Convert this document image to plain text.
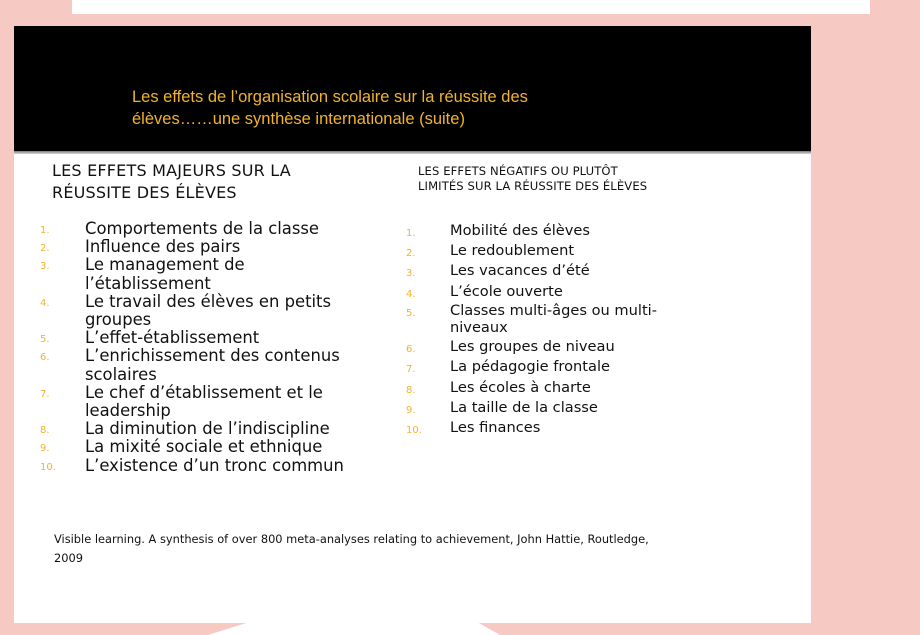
Les effets de l’organisation scolaire sur la réussite des
élèves……une synthèse internationale (suite)
LES EFFETS MAJEURS SUR LA
RÉUSSITE DES ÉLÈVES
LES EFFETS NÉGATIFS OU PLUTÔT
LIMITÉS SUR LA RÉUSSITE DES ÉLÈVES
1. Comportements de la classe
2. Influence des pairs
3. Le management de
l’établissement
4. Le travail des élèves en petits
groupes
5. L’effet-établissement
6. L’enrichissement des contenus
scolaires
7. Le chef d’établissement et le
leadership
8. La diminution de l’indiscipline
9. La mixité sociale et ethnique
10. L’existence d’un tronc commun
1. Mobilité des élèves
2. Le redoublement
3. Les vacances d’été
4. L’école ouverte
5. Classes multi-âges ou multi-
niveaux
6. Les groupes de niveau
7. La pédagogie frontale
8. Les écoles à charte
9. La taille de la classe
10. Les finances
Visible learning. A synthesis of over 800 meta-analyses relating to achievement, John Hattie, Routledge,
2009
